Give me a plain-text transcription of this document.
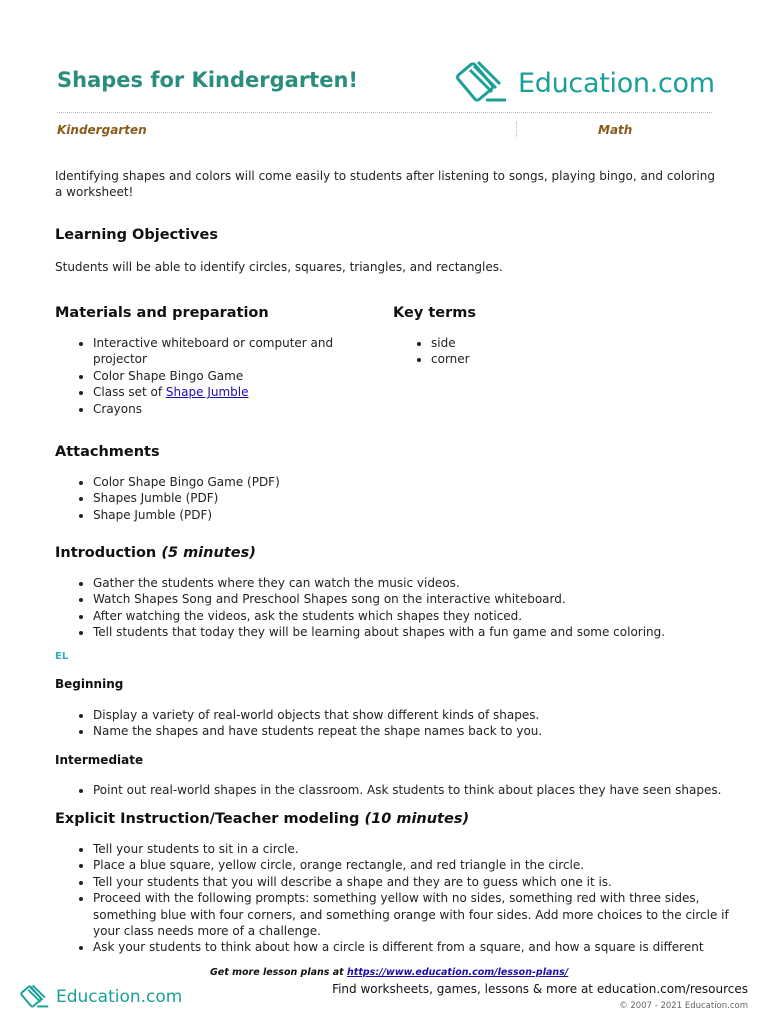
Shapes for Kindergarten!	Education.com
Kindergarten	Math
Identifying shapes and colors will come easily to students after listening to songs, playing bingo, and coloring a worksheet!
Learning Objectives
Students will be able to identify circles, squares, triangles, and rectangles.
Materials and preparation
• Interactive whiteboard or computer and projector
• Color Shape Bingo Game
• Class set of Shape Jumble
• Crayons
Key terms
• side
• corner
Attachments
• Color Shape Bingo Game (PDF)
• Shapes Jumble (PDF)
• Shape Jumble (PDF)
Introduction (5 minutes)
• Gather the students where they can watch the music videos.
• Watch Shapes Song and Preschool Shapes song on the interactive whiteboard.
• After watching the videos, ask the students which shapes they noticed.
• Tell students that today they will be learning about shapes with a fun game and some coloring.
EL
Beginning
• Display a variety of real-world objects that show different kinds of shapes.
• Name the shapes and have students repeat the shape names back to you.
Intermediate
• Point out real-world shapes in the classroom. Ask students to think about places they have seen shapes.
Explicit Instruction/Teacher modeling (10 minutes)
• Tell your students to sit in a circle.
• Place a blue square, yellow circle, orange rectangle, and red triangle in the circle.
• Tell your students that you will describe a shape and they are to guess which one it is.
• Proceed with the following prompts: something yellow with no sides, something red with three sides, something blue with four corners, and something orange with four sides. Add more choices to the circle if your class needs more of a challenge.
• Ask your students to think about how a circle is different from a square, and how a square is different
Get more lesson plans at https://www.education.com/lesson-plans/
Education.com	Find worksheets, games, lessons & more at education.com/resources
© 2007 - 2021 Education.com
